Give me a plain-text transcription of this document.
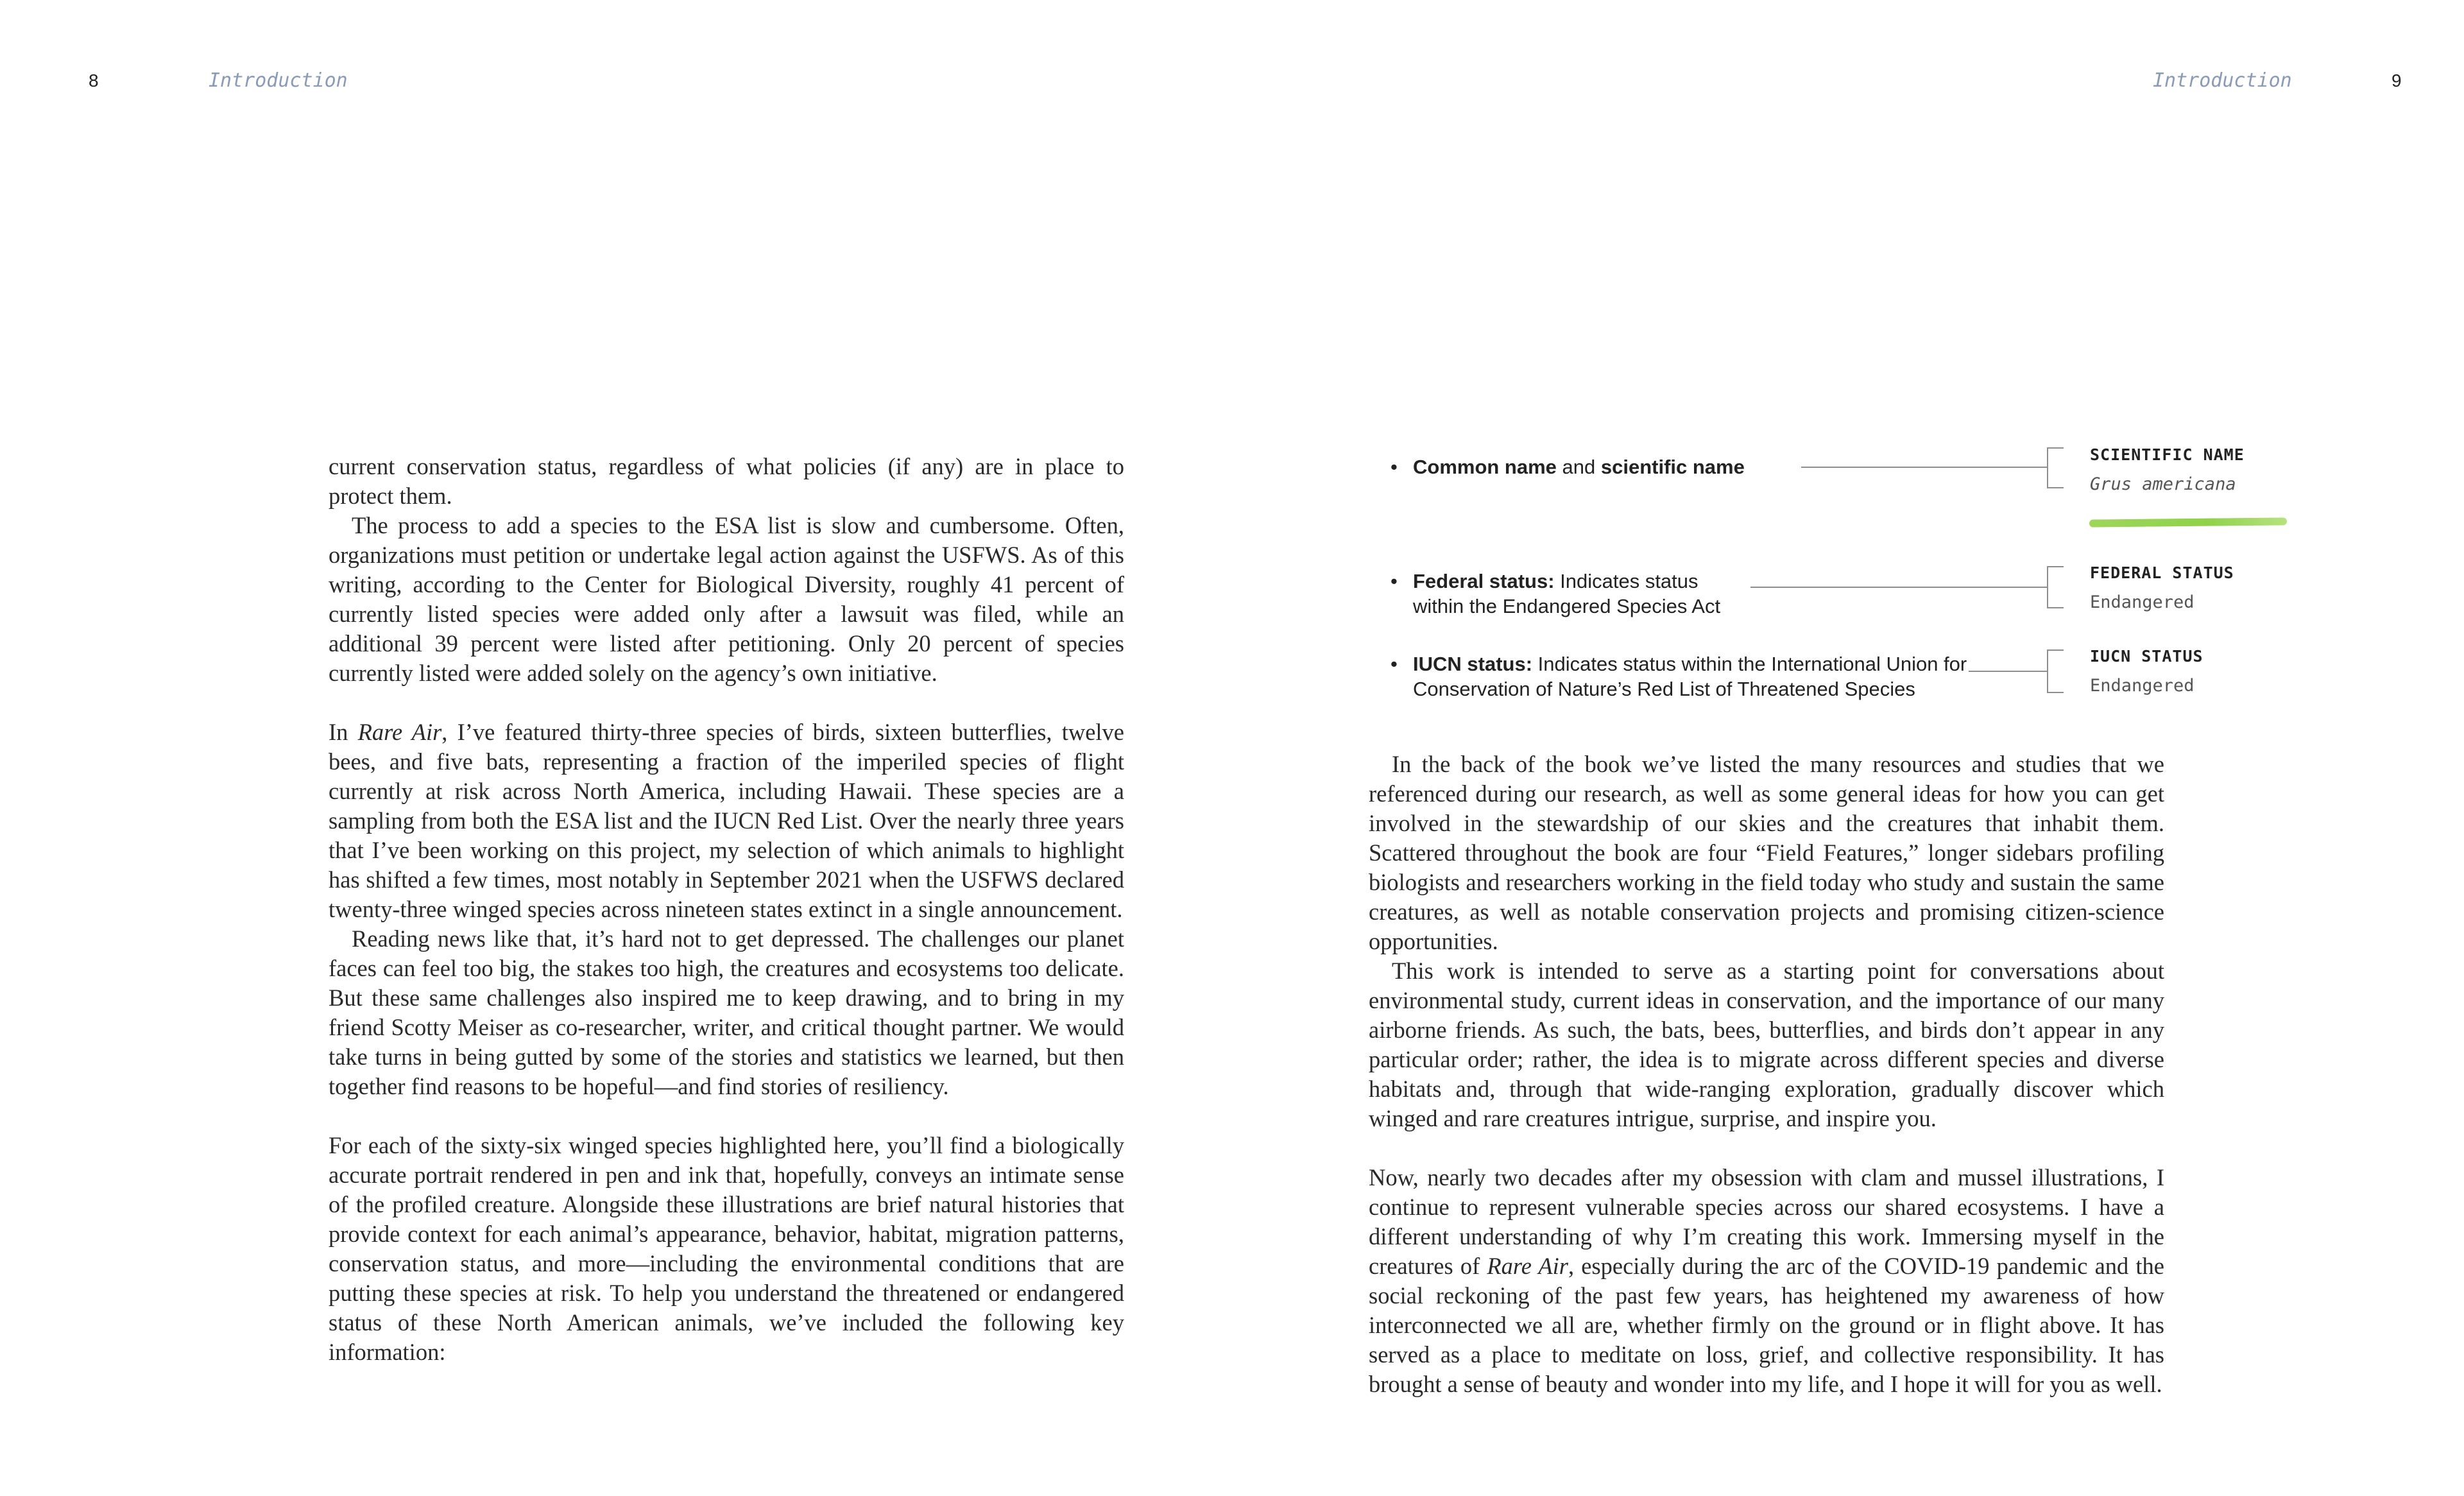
8	Introduction

current conservation status, regardless of what policies (if any) are in place to protect them.

The process to add a species to the ESA list is slow and cumbersome. Often, organizations must petition or undertake legal action against the USFWS. As of this writing, according to the Center for Biological Diversity, roughly 41 percent of currently listed species were added only after a lawsuit was filed, while an additional 39 percent were listed after petitioning. Only 20 percent of species currently listed were added solely on the agency’s own initiative.

In Rare Air, I’ve featured thirty-three species of birds, sixteen butterflies, twelve bees, and five bats, representing a fraction of the imperiled species of flight currently at risk across North America, including Hawaii. These species are a sampling from both the ESA list and the IUCN Red List. Over the nearly three years that I’ve been working on this project, my selection of which animals to highlight has shifted a few times, most notably in September 2021 when the USFWS declared twenty-three winged species across nineteen states extinct in a single announcement.

Reading news like that, it’s hard not to get depressed. The challenges our planet faces can feel too big, the stakes too high, the creatures and ecosystems too delicate. But these same challenges also inspired me to keep drawing, and to bring in my friend Scotty Meiser as co-researcher, writer, and critical thought partner. We would take turns in being gutted by some of the stories and statistics we learned, but then together find reasons to be hopeful—and find stories of resiliency.

For each of the sixty-six winged species highlighted here, you’ll find a biologically accurate portrait rendered in pen and ink that, hopefully, conveys an intimate sense of the profiled creature. Alongside these illustrations are brief natural histories that provide context for each animal’s appearance, behavior, habitat, migration patterns, conservation status, and more—including the environmental conditions that are putting these species at risk. To help you understand the threatened or endangered status of these North American animals, we’ve included the following key information:

Introduction	9
• Common name and scientific name
SCIENTIFIC NAME
Grus americana
• Federal status: Indicates status within the Endangered Species Act
FEDERAL STATUS
Endangered
• IUCN status: Indicates status within the International Union for Conservation of Nature’s Red List of Threatened Species
IUCN STATUS
Endangered

In the back of the book we’ve listed the many resources and studies that we referenced during our research, as well as some general ideas for how you can get involved in the stewardship of our skies and the creatures that inhabit them. Scattered throughout the book are four “Field Features,” longer sidebars profiling biologists and researchers working in the field today who study and sustain the same creatures, as well as notable conservation projects and promising citizen-science opportunities.

This work is intended to serve as a starting point for conversations about environmental study, current ideas in conservation, and the importance of our many airborne friends. As such, the bats, bees, butterflies, and birds don’t appear in any particular order; rather, the idea is to migrate across different species and diverse habitats and, through that wide-ranging exploration, gradually discover which winged and rare creatures intrigue, surprise, and inspire you.

Now, nearly two decades after my obsession with clam and mussel illustrations, I continue to represent vulnerable species across our shared ecosystems. I have a different understanding of why I’m creating this work. Immersing myself in the creatures of Rare Air, especially during the arc of the COVID-19 pandemic and the social reckoning of the past few years, has heightened my awareness of how interconnected we all are, whether firmly on the ground or in flight above. It has served as a place to meditate on loss, grief, and collective responsibility. It has brought a sense of beauty and wonder into my life, and I hope it will for you as well.
